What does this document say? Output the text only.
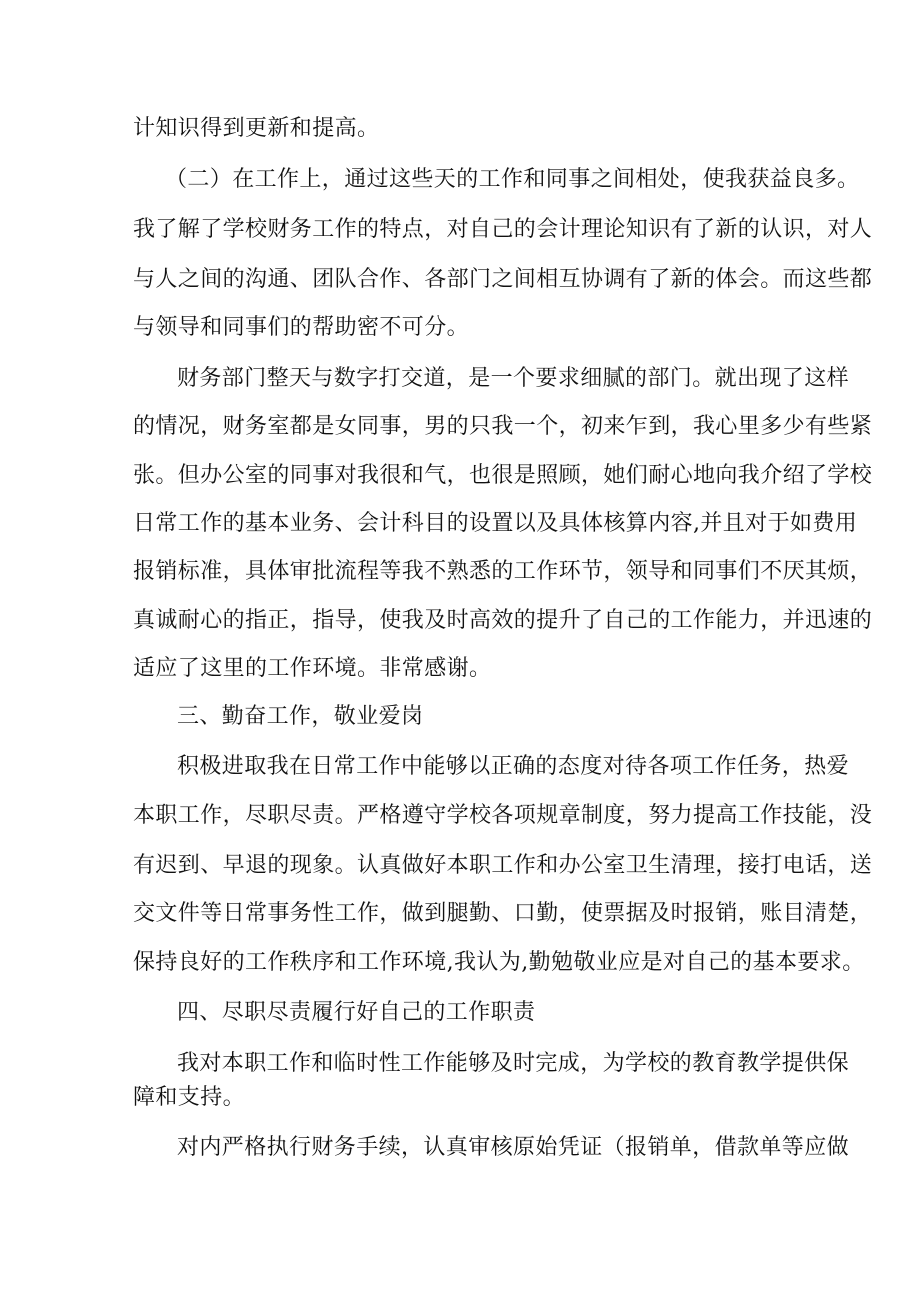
计知识得到更新和提高。
（二）在工作上，通过这些天的工作和同事之间相处，使我获益良多。
我了解了学校财务工作的特点，对自己的会计理论知识有了新的认识，对人
与人之间的沟通、团队合作、各部门之间相互协调有了新的体会。而这些都
与领导和同事们的帮助密不可分。
财务部门整天与数字打交道，是一个要求细腻的部门。就出现了这样
的情况，财务室都是女同事，男的只我一个，初来乍到，我心里多少有些紧
张。但办公室的同事对我很和气，也很是照顾，她们耐心地向我介绍了学校
日常工作的基本业务、会计科目的设置以及具体核算内容,并且对于如费用
报销标准，具体审批流程等我不熟悉的工作环节，领导和同事们不厌其烦，
真诚耐心的指正，指导，使我及时高效的提升了自己的工作能力，并迅速的
适应了这里的工作环境。非常感谢。
三、勤奋工作，敬业爱岗
积极进取我在日常工作中能够以正确的态度对待各项工作任务，热爱
本职工作，尽职尽责。严格遵守学校各项规章制度，努力提高工作技能，没
有迟到、早退的现象。认真做好本职工作和办公室卫生清理，接打电话，送
交文件等日常事务性工作，做到腿勤、口勤，使票据及时报销，账目清楚，
保持良好的工作秩序和工作环境,我认为,勤勉敬业应是对自己的基本要求。
四、尽职尽责履行好自己的工作职责
我对本职工作和临时性工作能够及时完成，为学校的教育教学提供保
障和支持。
对内严格执行财务手续，认真审核原始凭证（报销单，借款单等应做
